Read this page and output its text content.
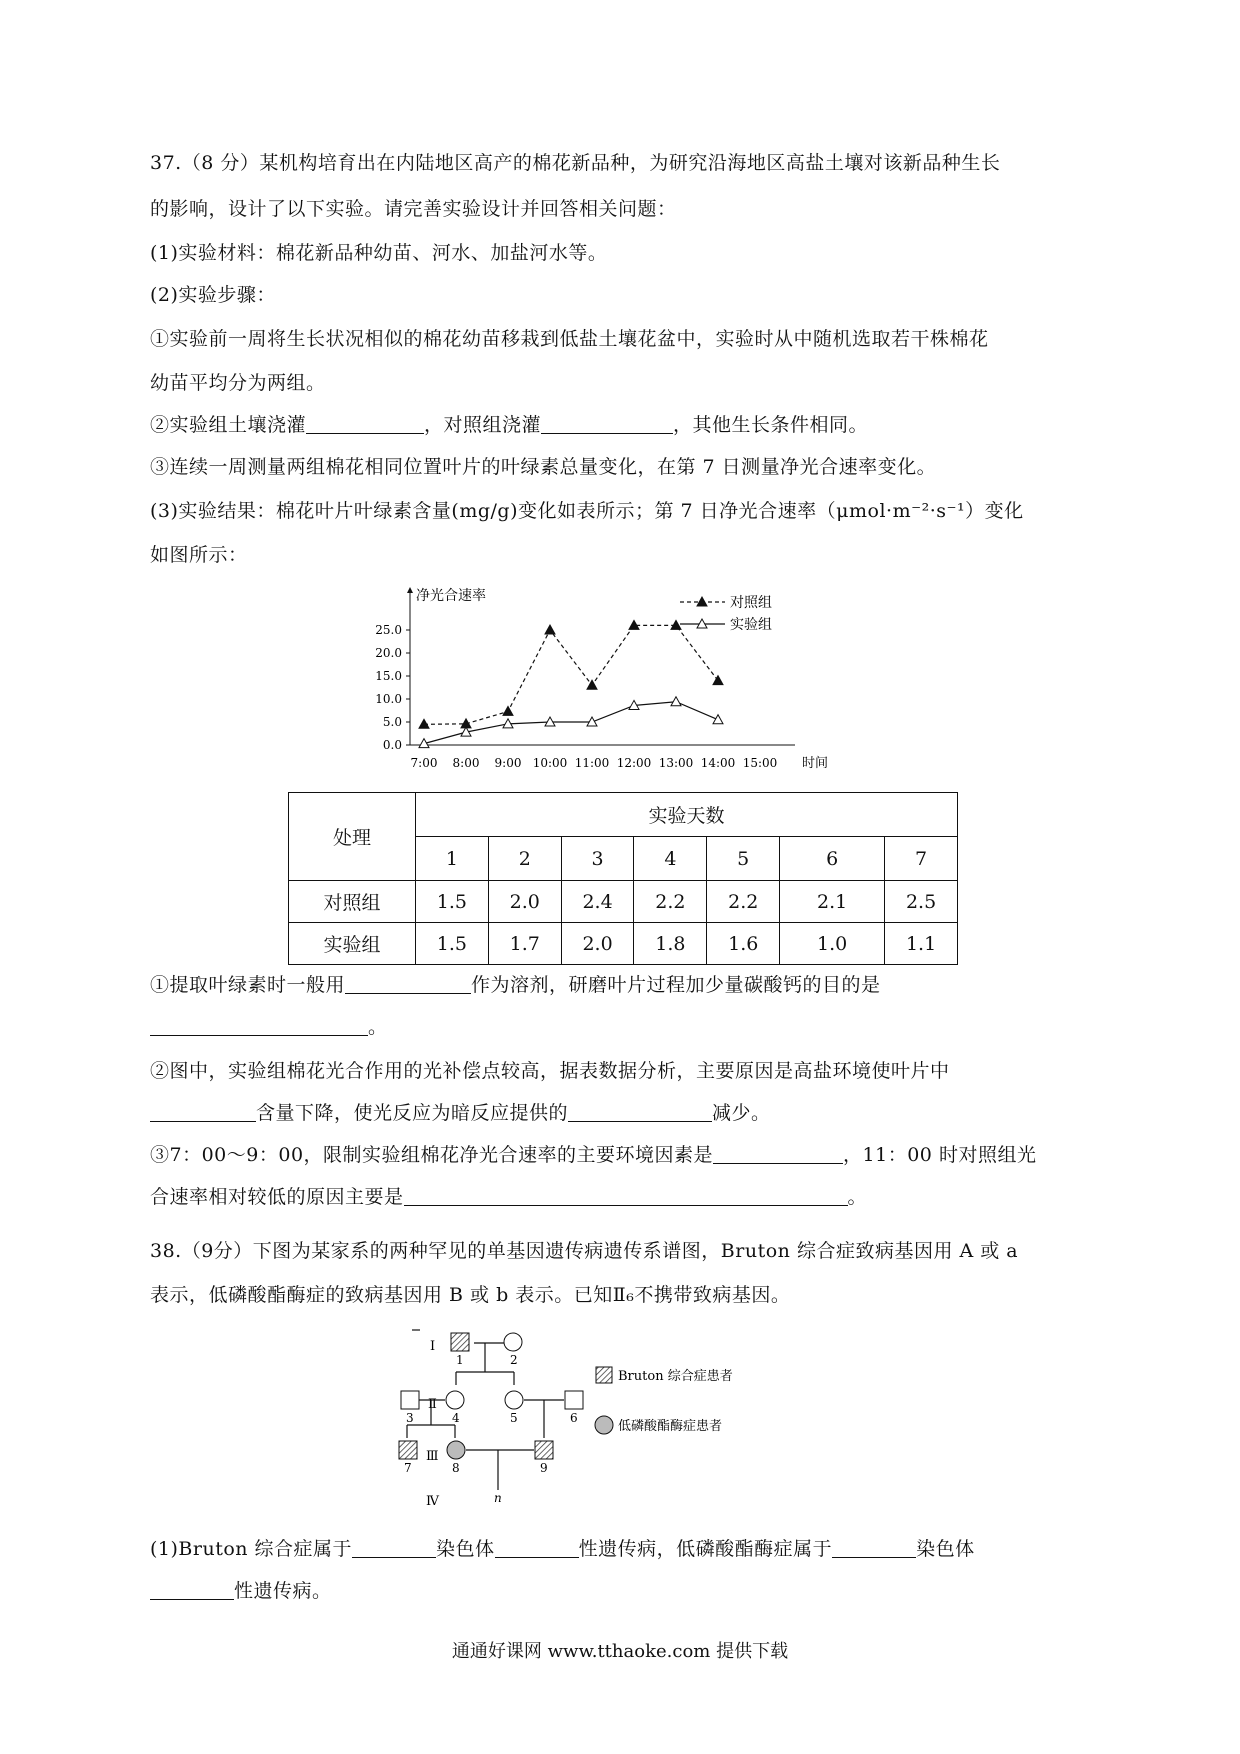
37.（8 分）某机构培育出在内陆地区高产的棉花新品种，为研究沿海地区高盐土壤对该新品种生长
的影响，设计了以下实验。请完善实验设计并回答相关问题：
(1)实验材料：棉花新品种幼苗、河水、加盐河水等。
(2)实验步骤：
①实验前一周将生长状况相似的棉花幼苗移栽到低盐土壤花盆中，实验时从中随机选取若干株棉花
幼苗平均分为两组。
②实验组土壤浇灌	，对照组浇灌	，其他生长条件相同。
③连续一周测量两组棉花相同位置叶片的叶绿素总量变化，在第 7 日测量净光合速率变化。
(3)实验结果：棉花叶片叶绿素含量(mg/g)变化如表所示；第 7 日净光合速率（μmol·m⁻²·s⁻¹）变化
如图所示：
净光合速率
时间
0.0
5.0
10.0
15.0
20.0
25.0
7:00 8:00 9:00 10:00 11:00 12:00 13:00 14:00 15:00
对照组
实验组
处理	实验天数						
	1	2	3	4	5	6	7
对照组	1.5	2.0	2.4	2.2	2.2	2.1	2.5
实验组	1.5	1.7	2.0	1.8	1.6	1.0	1.1
①提取叶绿素时一般用	作为溶剂，研磨叶片过程加少量碳酸钙的目的是
。
②图中，实验组棉花光合作用的光补偿点较高，据表数据分析，主要原因是高盐环境使叶片中
含量下降，使光反应为暗反应提供的	减少。
③7：00～9：00，限制实验组棉花净光合速率的主要环境因素是	，11：00 时对照组光
合速率相对较低的原因主要是	。
38.（9分）下图为某家系的两种罕见的单基因遗传病遗传系谱图，Bruton 综合症致病基因用 A 或 a
表示，低磷酸酯酶症的致病基因用 B 或 b 表示。已知Ⅱ₆不携带致病基因。
Ⅰ
Ⅱ
Ⅲ
Ⅳ
1	2
3	4	5	6
7	8	9
n
Bruton 综合症患者
低磷酸酯酶症患者
(1)Bruton 综合症属于	染色体	性遗传病，低磷酸酯酶症属于	染色体
性遗传病。
通通好课网 www.tthaoke.com 提供下载
